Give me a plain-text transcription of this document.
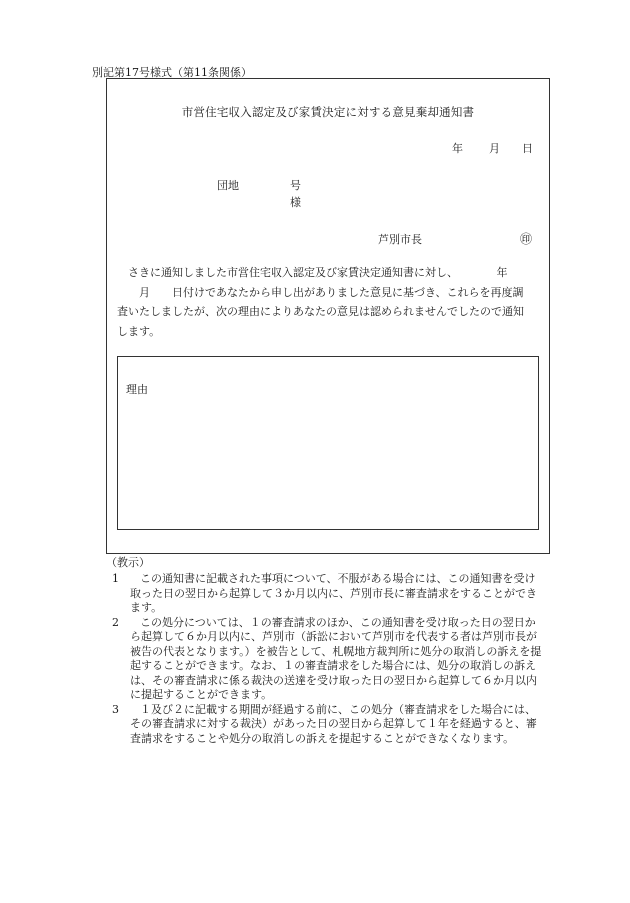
別記第17号様式（第11条関係）
市営住宅収入認定及び家賃決定に対する意見棄却通知書
年 月 日
団地	号
様
芦別市長	㊞
さきに通知しました市営住宅収入認定及び家賃決定通知書に対し、　　　　年
　　月　　日付けであなたから申し出がありました意見に基づき、これらを再度調
査いたしましたが、次の理由によりあなたの意見は認められませんでしたので通知
します。
理由
（教示）
1	この通知書に記載された事項について、不服がある場合には、この通知書を受け
取った日の翌日から起算して３か月以内に、芦別市長に審査請求をすることができ
ます。
2	この処分については、１の審査請求のほか、この通知書を受け取った日の翌日か
ら起算して６か月以内に、芦別市（訴訟において芦別市を代表する者は芦別市長が
被告の代表となります。）を被告として、札幌地方裁判所に処分の取消しの訴えを提
起することができます。なお、１の審査請求をした場合には、処分の取消しの訴え
は、その審査請求に係る裁決の送達を受け取った日の翌日から起算して６か月以内
に提起することができます。
3	１及び２に記載する期間が経過する前に、この処分（審査請求をした場合には、
その審査請求に対する裁決）があった日の翌日から起算して１年を経過すると、審
査請求をすることや処分の取消しの訴えを提起することができなくなります。
